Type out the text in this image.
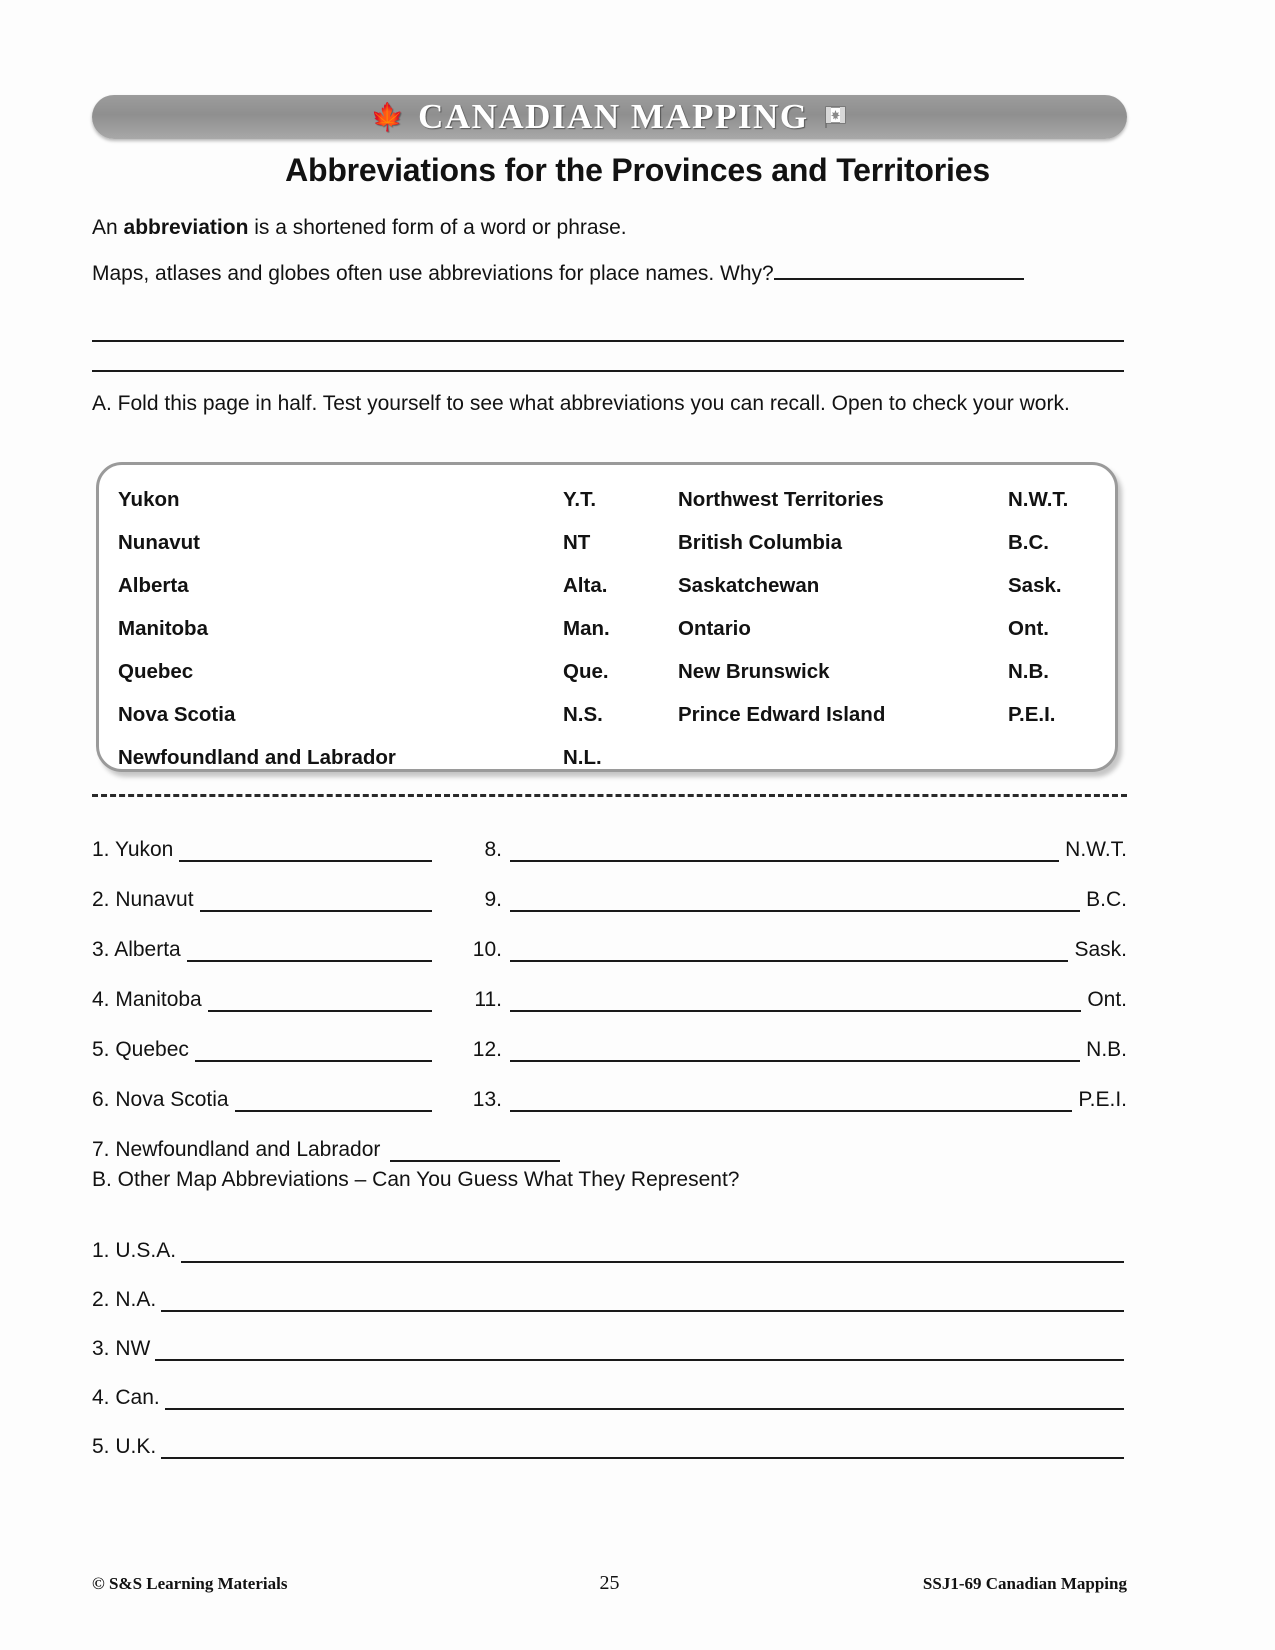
🍁 CANADIAN MAPPING
Abbreviations for the Provinces and Territories
An abbreviation is a shortened form of a word or phrase.
Maps, atlases and globes often use abbreviations for place names. Why?
A. Fold this page in half. Test yourself to see what abbreviations you can recall. Open to check your work.
Yukon	Y.T.	Northwest Territories	N.W.T.
Nunavut	NT	British Columbia	B.C.
Alberta	Alta.	Saskatchewan	Sask.
Manitoba	Man.	Ontario	Ont.
Quebec	Que.	New Brunswick	N.B.
Nova Scotia	N.S.	Prince Edward Island	P.E.I.
Newfoundland and Labrador	N.L.		
1. Yukon	8.	N.W.T.
2. Nunavut	9.	B.C.
3. Alberta	10.	Sask.
4. Manitoba	11.	Ont.
5. Quebec	12.	N.B.
6. Nova Scotia	13.	P.E.I.
7. Newfoundland and Labrador
B. Other Map Abbreviations – Can You Guess What They Represent?
1. U.S.A.
2. N.A.
3. NW
4. Can.
5. U.K.
© S&S Learning Materials	25	SSJ1-69 Canadian Mapping
